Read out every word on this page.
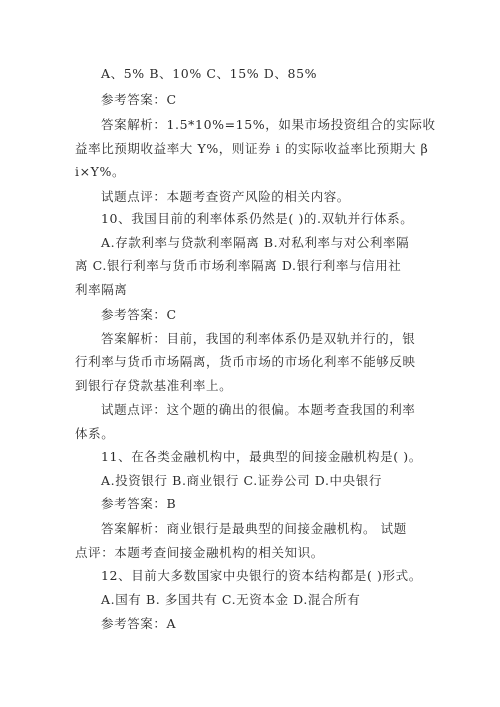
A、5% B、10% C、15% D、85%
参考答案：C
答案解析：1.5*10%=15%，如果市场投资组合的实际收
益率比预期收益率大 Y%，则证券 i 的实际收益率比预期大 β
i×Y%。
试题点评：本题考查资产风险的相关内容。
10、我国目前的利率体系仍然是( )的.双轨并行体系。
A.存款利率与贷款利率隔离 B.对私利率与对公利率隔
离 C.银行利率与货币市场利率隔离 D.银行利率与信用社
利率隔离
参考答案：C
答案解析：目前，我国的利率体系仍是双轨并行的，银
行利率与货币市场隔离，货币市场的市场化利率不能够反映
到银行存贷款基准利率上。
试题点评：这个题的确出的很偏。本题考查我国的利率
体系。
11、在各类金融机构中，最典型的间接金融机构是( )。
A.投资银行 B.商业银行 C.证券公司 D.中央银行
参考答案：B
答案解析：商业银行是最典型的间接金融机构。 试题
点评：本题考查间接金融机构的相关知识。
12、目前大多数国家中央银行的资本结构都是( )形式。
A.国有 B. 多国共有 C.无资本金 D.混合所有
参考答案：A
